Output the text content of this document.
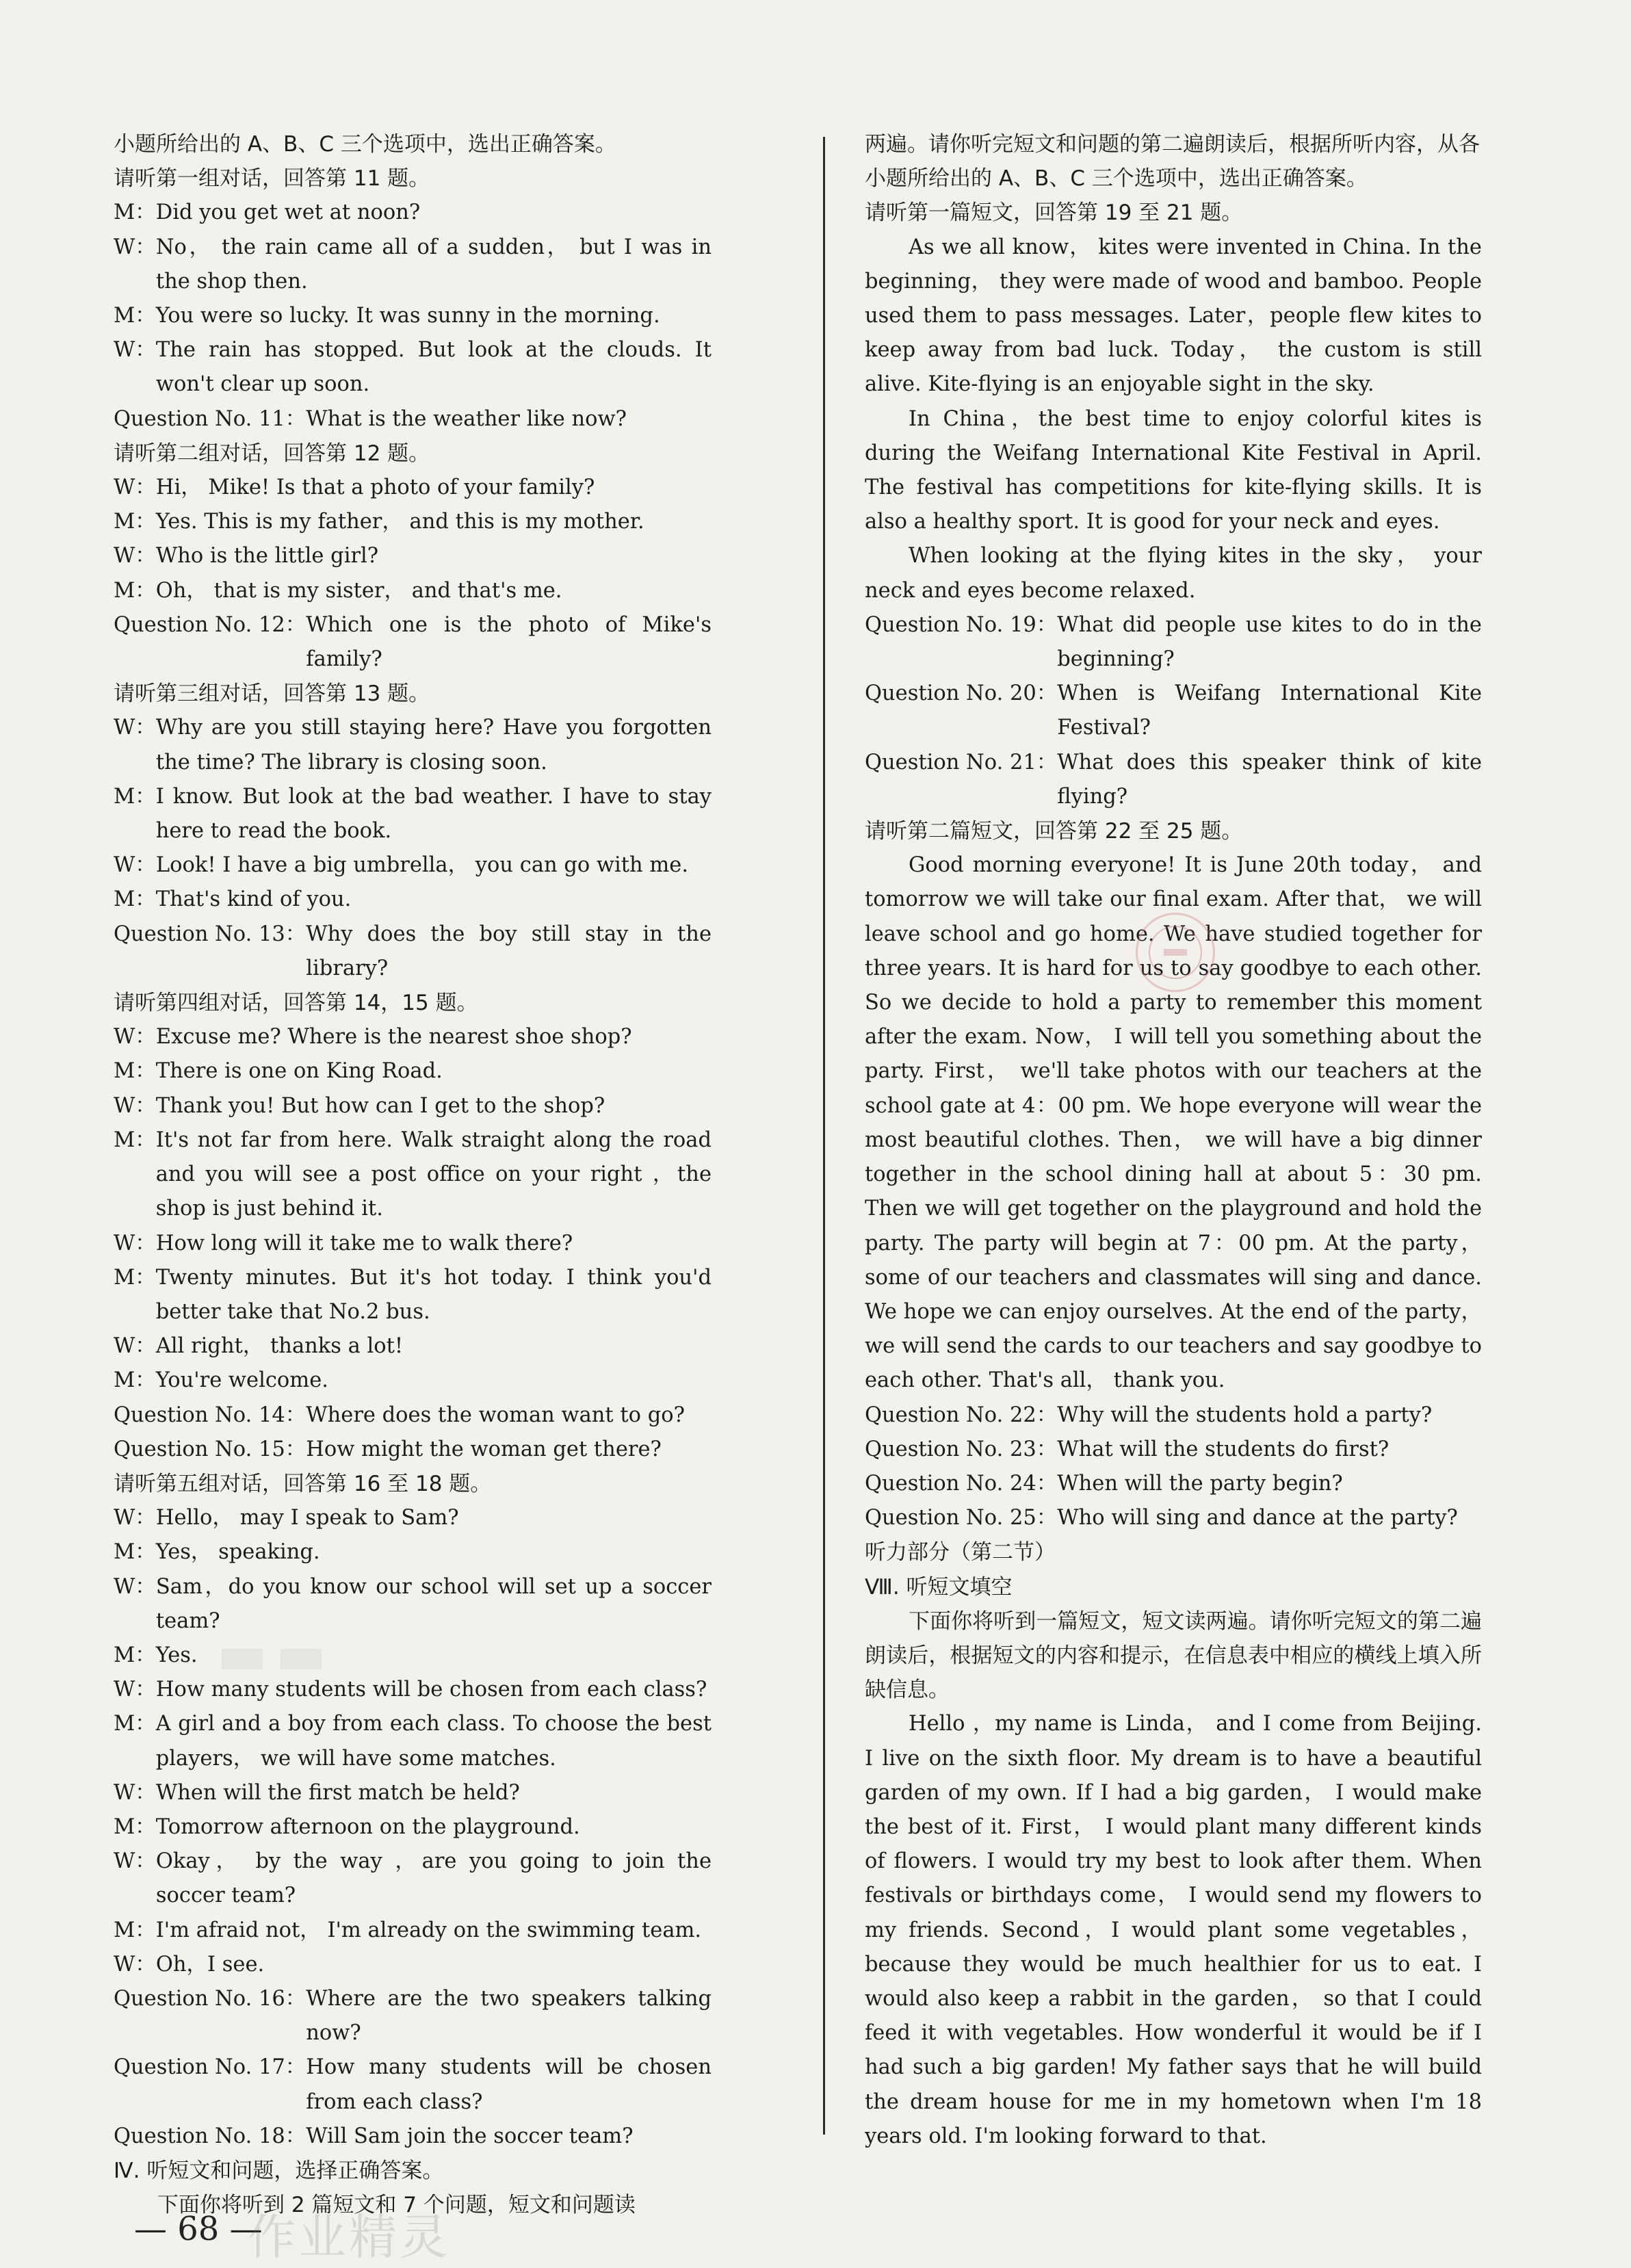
小题所给出的 A、B、C 三个选项中，选出正确答案。

请听第一组对话，回答第 11 题。

M： Did you get wet at noon?

W： No， the rain came all of a sudden， but I was in the shop then.

M： You were so lucky. It was sunny in the morning.

W： The rain has stopped. But look at the clouds. It won't clear up soon.

Question No. 11： What is the weather like now?

请听第二组对话，回答第 12 题。

W： Hi， Mike! Is that a photo of your family?

M： Yes. This is my father， and this is my mother.

W： Who is the little girl?

M： Oh， that is my sister， and that's me.

Question No. 12： Which one is the photo of Mike's family?

请听第三组对话，回答第 13 题。

W： Why are you still staying here? Have you forgotten the time? The library is closing soon.

M： I know. But look at the bad weather. I have to stay here to read the book.

W： Look! I have a big umbrella， you can go with me.

M： That's kind of you.

Question No. 13： Why does the boy still stay in the library?

请听第四组对话，回答第 14，15 题。

W： Excuse me? Where is the nearest shoe shop?

M： There is one on King Road.

W： Thank you! But how can I get to the shop?

M： It's not far from here. Walk straight along the road and you will see a post office on your right ，the shop is just behind it.

W： How long will it take me to walk there?

M： Twenty minutes. But it's hot today. I think you'd better take that No.2 bus.

W： All right， thanks a lot!

M： You're welcome.

Question No. 14： Where does the woman want to go?

Question No. 15： How might the woman get there?

请听第五组对话，回答第 16 至 18 题。

W： Hello， may I speak to Sam?

M： Yes， speaking.

W： Sam，do you know our school will set up a soccer team?

M： Yes.

W： How many students will be chosen from each class?

M： A girl and a boy from each class. To choose the best players， we will have some matches.

W： When will the first match be held?

M： Tomorrow afternoon on the playground.

W： Okay， by the way ，are you going to join the soccer team?

M： I'm afraid not， I'm already on the swimming team.

W： Oh，I see.

Question No. 16： Where are the two speakers talking now?

Question No. 17： How many students will be chosen from each class?

Question No. 18： Will Sam join the soccer team?

Ⅳ. 听短文和问题，选择正确答案。

下面你将听到 2 篇短文和 7 个问题，短文和问题读

两遍。请你听完短文和问题的第二遍朗读后，根据所听内容，从各小题所给出的 A、B、C 三个选项中，选出正确答案。

请听第一篇短文，回答第 19 至 21 题。

As we all know， kites were invented in China. In the beginning， they were made of wood and bamboo. People used them to pass messages. Later，people flew kites to keep away from bad luck. Today， the custom is still alive. Kite-flying is an enjoyable sight in the sky.

In China，the best time to enjoy colorful kites is during the Weifang International Kite Festival in April. The festival has competitions for kite-flying skills. It is also a healthy sport. It is good for your neck and eyes.

When looking at the flying kites in the sky， your neck and eyes become relaxed.

Question No. 19： What did people use kites to do in the beginning?

Question No. 20： When is Weifang International Kite Festival?

Question No. 21： What does this speaker think of kite flying?

请听第二篇短文，回答第 22 至 25 题。

Good morning everyone! It is June 20th today， and tomorrow we will take our final exam. After that， we will leave school and go home. We have studied together for three years. It is hard for us to say goodbye to each other. So we decide to hold a party to remember this moment after the exam. Now， I will tell you something about the party. First， we'll take photos with our teachers at the school gate at 4：00 pm. We hope everyone will wear the most beautiful clothes. Then， we will have a big dinner together in the school dining hall at about 5：30 pm. Then we will get together on the playground and hold the party. The party will begin at 7：00 pm. At the party，some of our teachers and classmates will sing and dance. We hope we can enjoy ourselves. At the end of the party， we will send the cards to our teachers and say goodbye to each other. That's all， thank you.

Question No. 22： Why will the students hold a party?

Question No. 23： What will the students do first?

Question No. 24： When will the party begin?

Question No. 25： Who will sing and dance at the party?

听力部分（第二节）

Ⅷ. 听短文填空

下面你将听到一篇短文，短文读两遍。请你听完短文的第二遍朗读后，根据短文的内容和提示，在信息表中相应的横线上填入所缺信息。

Hello ，my name is Linda， and I come from Beijing. I live on the sixth floor. My dream is to have a beautiful garden of my own. If I had a big garden， I would make the best of it. First， I would plant many different kinds of flowers. I would try my best to look after them. When festivals or birthdays come， I would send my flowers to my friends. Second，I would plant some vegetables， because they would be much healthier for us to eat. I would also keep a rabbit in the garden， so that I could feed it with vegetables. How wonderful it would be if I had such a big garden! My father says that he will build the dream house for me in my hometown when I'm 18 years old. I'm looking forward to that.

— 68 —
作业精灵
